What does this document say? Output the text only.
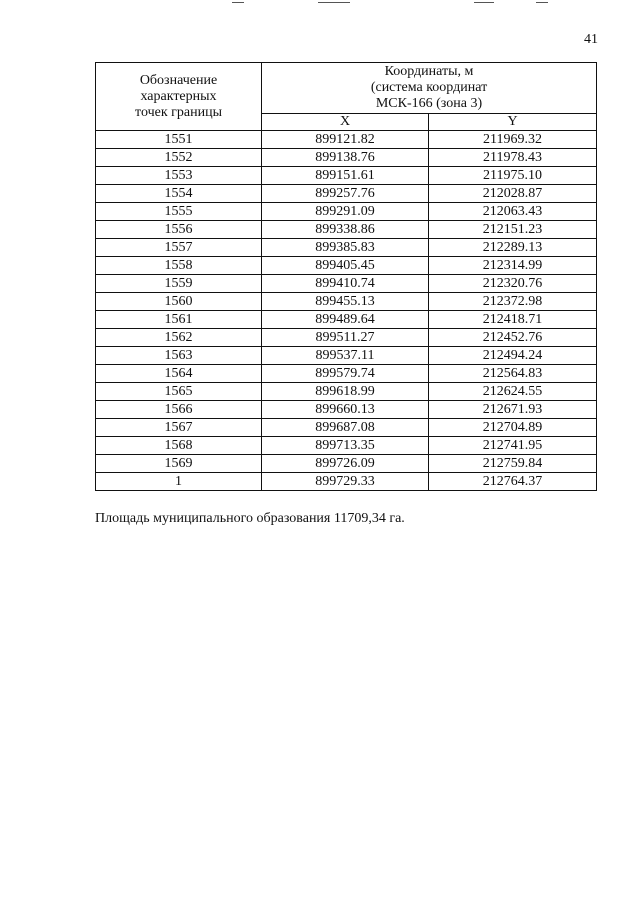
41
Обозначение
характерных
точек границы	Координаты, м
(система координат
МСК-166 (зона 3)	

	X	Y
1551	899121.82	211969.32
1552	899138.76	211978.43
1553	899151.61	211975.10
1554	899257.76	212028.87
1555	899291.09	212063.43
1556	899338.86	212151.23
1557	899385.83	212289.13
1558	899405.45	212314.99
1559	899410.74	212320.76
1560	899455.13	212372.98
1561	899489.64	212418.71
1562	899511.27	212452.76
1563	899537.11	212494.24
1564	899579.74	212564.83
1565	899618.99	212624.55
1566	899660.13	212671.93
1567	899687.08	212704.89
1568	899713.35	212741.95
1569	899726.09	212759.84
1	899729.33	212764.37
Площадь муниципального образования 11709,34 га.
